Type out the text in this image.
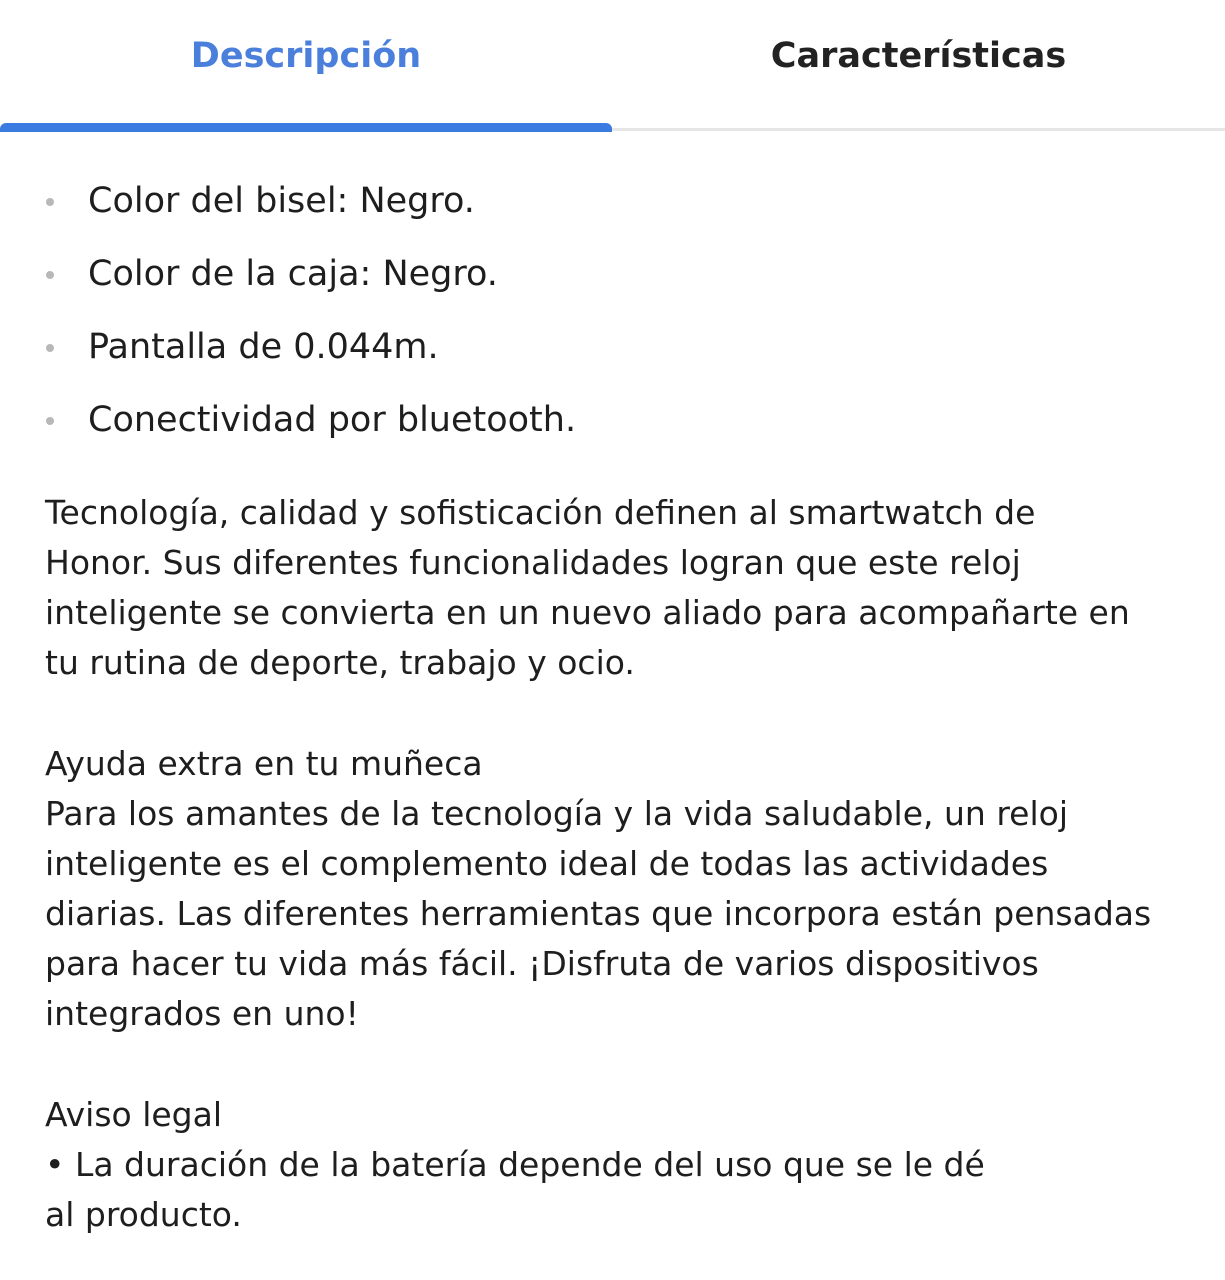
Descripción	Características
Color del bisel: Negro.
Color de la caja: Negro.
Pantalla de 0.044m.
Conectividad por bluetooth.

Tecnología, calidad y sofisticación definen al smartwatch de
Honor. Sus diferentes funcionalidades logran que este reloj
inteligente se convierta en un nuevo aliado para acompañarte en
tu rutina de deporte, trabajo y ocio.

Ayuda extra en tu muñeca
Para los amantes de la tecnología y la vida saludable, un reloj
inteligente es el complemento ideal de todas las actividades
diarias. Las diferentes herramientas que incorpora están pensadas
para hacer tu vida más fácil. ¡Disfruta de varios dispositivos
integrados en uno!

Aviso legal
• La duración de la batería depende del uso que se le dé
al producto.
